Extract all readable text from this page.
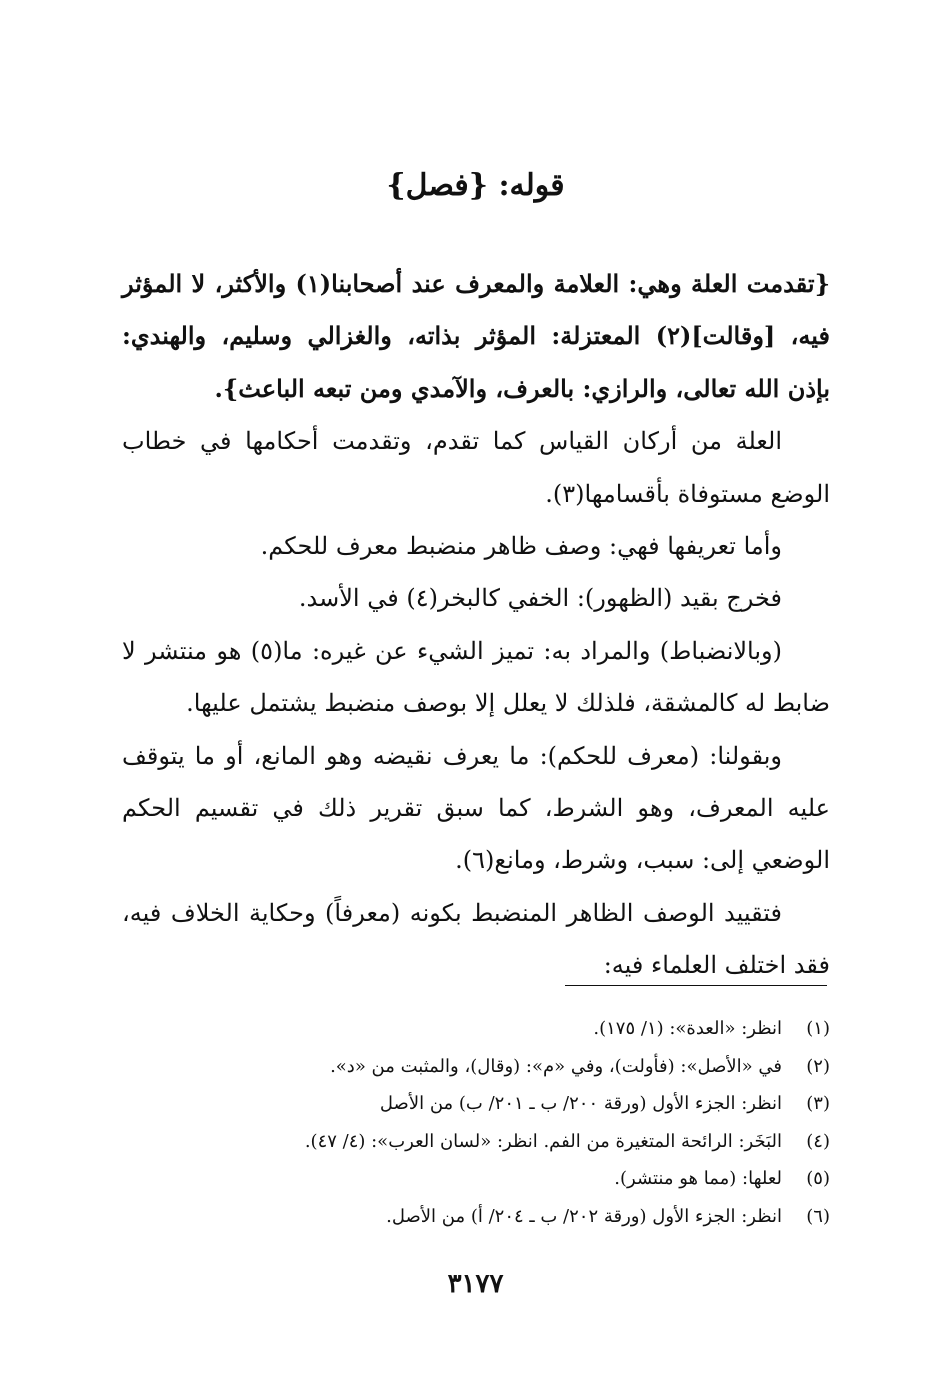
قوله: {فصل}

{تقدمت العلة وهي: العلامة والمعرف عند أصحابنا(١) والأكثر، لا المؤثر فيه، [وقالت](٢) المعتزلة: المؤثر بذاته، والغزالي وسليم، والهندي: بإذن الله تعالى، والرازي: بالعرف، والآمدي ومن تبعه الباعث}.

العلة من أركان القياس كما تقدم، وتقدمت أحكامها في خطاب الوضع مستوفاة بأقسامها(٣).

وأما تعريفها فهي: وصف ظاهر منضبط معرف للحكم.

فخرج بقيد (الظهور): الخفي كالبخر(٤) في الأسد.

(وبالانضباط) والمراد به: تميز الشيء عن غيره: ما(٥) هو منتشر لا ضابط له كالمشقة، فلذلك لا يعلل إلا بوصف منضبط يشتمل عليها.

وبقولنا: (معرف للحكم): ما يعرف نقيضه وهو المانع، أو ما يتوقف عليه المعرف، وهو الشرط، كما سبق تقرير ذلك في تقسيم الحكم الوضعي إلى: سبب، وشرط، ومانع(٦).

فتقييد الوصف الظاهر المنضبط بكونه (معرفاً) وحكاية الخلاف فيه، فقد اختلف العلماء فيه:

(١)
انظر: «العدة»: (١/ ١٧٥).
(٢)
في «الأصل»: (فأولت)، وفي «م»: (وقال)، والمثبت من «د».
(٣)
انظر: الجزء الأول (ورقة ٢٠٠/ ب ـ ٢٠١/ ب) من الأصل
(٤)
البَخَر: الرائحة المتغيرة من الفم. انظر: «لسان العرب»: (٤/ ٤٧).
(٥)
لعلها: (مما هو منتشر).
(٦)
انظر: الجزء الأول (ورقة ٢٠٢/ ب ـ ٢٠٤/ أ) من الأصل.
٣١٧٧
